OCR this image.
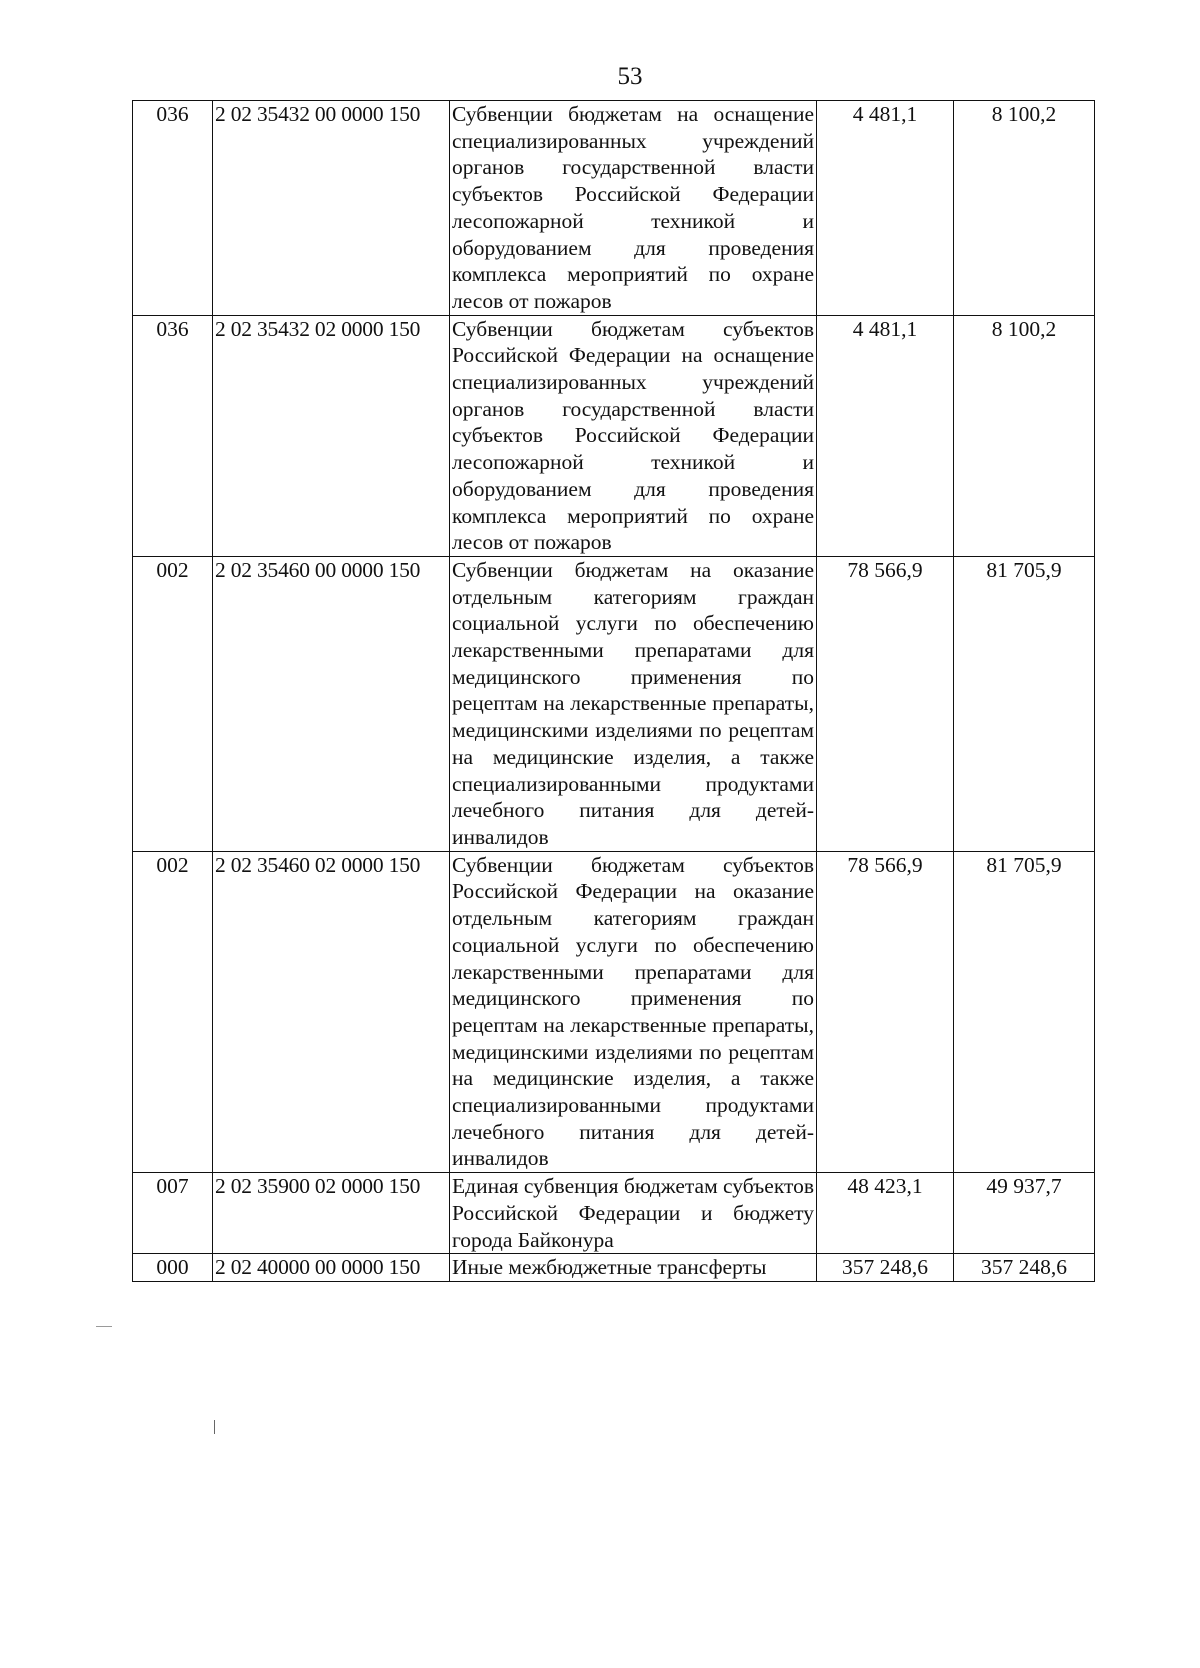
53
036	2 02 35432 00 0000 150	Субвенции бюджетам на оснащение специализированных учреждений органов государственной власти субъектов Российской Федерации лесопожарной техникой и оборудованием для проведения комплекса мероприятий по охране лесов от пожаров	4 481,1	8 100,2
036	2 02 35432 02 0000 150	Субвенции бюджетам субъектов Российской Федерации на оснащение специализированных учреждений органов государственной власти субъектов Российской Федерации лесопожарной техникой и оборудованием для проведения комплекса мероприятий по охране лесов от пожаров	4 481,1	8 100,2
002	2 02 35460 00 0000 150	Субвенции бюджетам на оказание отдельным категориям граждан социальной услуги по обеспечению лекарственными препаратами для медицинского применения по рецептам на лекарственные препараты, медицинскими изделиями по рецептам на медицинские изделия, а также специализированными продуктами лечебного питания для детей-инвалидов	78 566,9	81 705,9
002	2 02 35460 02 0000 150	Субвенции бюджетам субъектов Российской Федерации на оказание отдельным категориям граждан социальной услуги по обеспечению лекарственными препаратами для медицинского применения по рецептам на лекарственные препараты, медицинскими изделиями по рецептам на медицинские изделия, а также специализированными продуктами лечебного питания для детей-инвалидов	78 566,9	81 705,9
007	2 02 35900 02 0000 150	Единая субвенция бюджетам субъектов Российской Федерации и бюджету города Байконура	48 423,1	49 937,7
000	2 02 40000 00 0000 150	Иные межбюджетные трансферты	357 248,6	357 248,6
